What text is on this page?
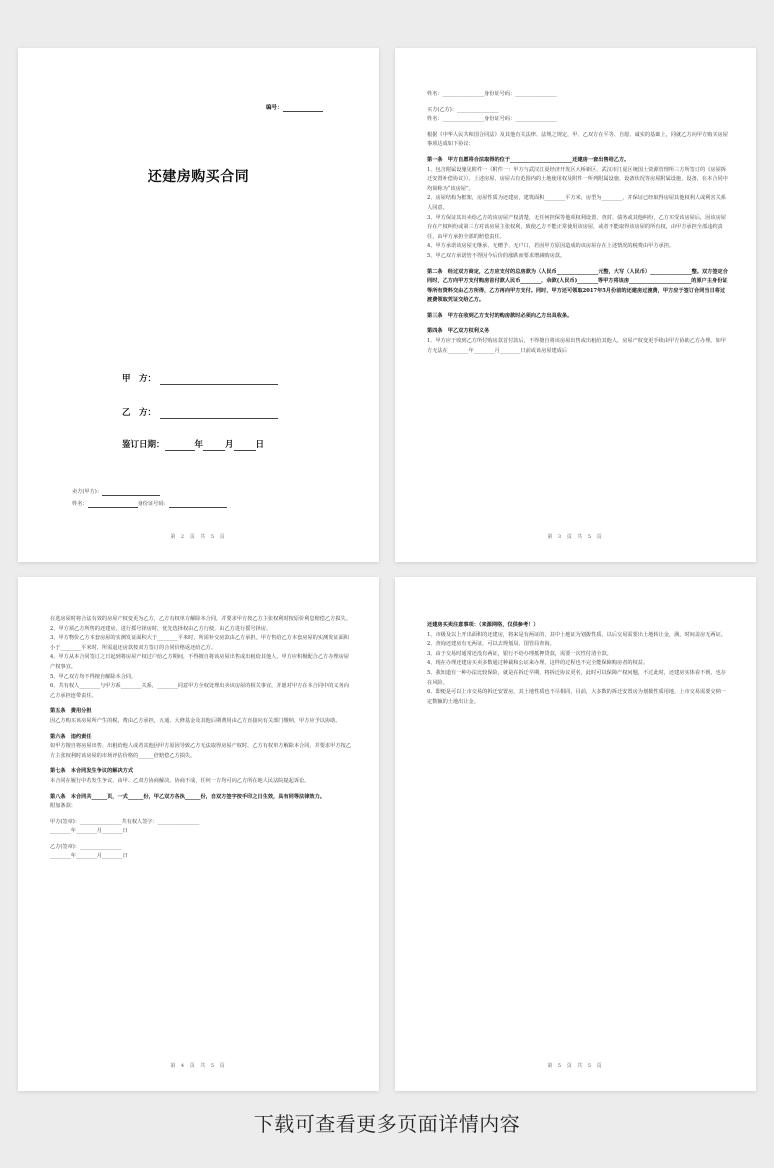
编号：
还建房购买合同
甲　方：
乙　方：
鉴订日期：	年	月	日
卖方(甲方)：
姓名：	身份证号码：
第 2 页 共 5 页

姓名：________________身份证号码：________________

买方(乙方)：________________

姓名：________________身份证号码：________________

根据《中华人民共和国合同法》及其他有关法律、法规之规定，甲、乙双方在平等、自愿、诚实的基础上，同就乙方向甲方购买房屋事项达成如下协议：

第一条　甲方自愿将合法取得的位于________________________还建房一套出售给乙方。

1、包含附属设施见附件一（附件一：甲方与武汉江夏经济开发区大桥新区、武汉市江夏区统国土资源管理所三方所签订的《房屋拆迁安置补偿协议》）。上述房屋、房屋占有范围内的土地使用权及附件一所列附属设施、设备状况等房屋附属设施、设备，在本合同中均简称为“该房屋”。

2、房屋结构为框架，房屋性质为还建房，建筑面积________平方米，房型为________，并保证已经取得房屋其他权利人或利害关系人同意。

3、甲方保证其出卖给乙方的该房屋产权清楚，无任何担保等他项权利设置、查封、债务或其他纠纷，乙方买受该房屋后，因该房屋存在产权纠纷或第三方对该房屋主张权利，致使乙方不能正常使用该房屋，或者不能取得该房屋的所有权，由甲方承担全部违约责任，由甲方承担全部的赔偿责任。

4、甲方承诺该房屋无继承、无赠予、无户口，若因甲方原因造成的该房屋存在上述情况的税费由甲方承担。

5、甲乙双方承诺皆不得因今后价的涨跌而要求增减购房款。

第二条　经过双方商定，乙方应支付的总房款为（人民币________________元整，大写（人民币）________________整。双方签定合同时，乙方向甲方支付购房首付款人民币________，余款(人民币)________等甲方将该房________________________的原户主身份证等所有资料交由乙方所得，乙方再向甲方支付。同时，甲方还可领取2017年5月份前的还建房过渡费，甲方应于签订合同当日将过渡费领取凭证交给乙方。

第三条　甲方在收到乙方支付的购房款时必须向乙方出具收条。

第四条　甲乙双方权利义务

1、甲方应于收到乙方所付购房款首付款后，不得擅自将该房屋出售或出租给其他人，房屋产权变更手续由甲方协助乙方办理。如甲方无法在________年________月________日前或该房屋建成后

第 3 页 共 5 页

在选房屋时将合法有效的房屋产权变更为乙方，乙方有权单方解除本合同，并要求甲方按乙方主张权利时按原价利息赔偿乙方损失。

2、甲方须乙方所售的还建房，进行摇号择房时，优先选择权由乙方行使，由乙方进行摇号择房。

3、甲方物价乙方本套房屋的实测发证面积大于________平米时，所需补交房款由乙方承担。甲方售给乙方本套房屋的实测发证面积小于________平米时，所需退还房款按双方签订的合同价格返还给乙方。

4、甲方从本合同签订之日起到将房屋产权过户给乙方期间，不得擅自将该房屋出售或出租给其他人，甲方应积极配合乙方办理房屋产权事宜。

5、甲乙双方均不得擅自解除本合同。

6、共有权人________与甲方系________关系，________同意甲方全权处理出卖该房屋的相关事宜，并愿对甲方在本合同中的义务向乙方承担连带责任。

第五条　费用分担

因乙方购买该房屋所产生的税、费由乙方承担，五通、大修基金及其他后期费用由乙方直接向有关部门缴纳，甲方应予以协助。

第六条　违约责任

如甲方擅自将房屋出售、出租给他人或者其他因甲方原因导致乙方无法取得房屋产权时，乙方有权单方解除本合同，并要求甲方按乙方主张权利时该房屋的市场评估价格的______倍赔偿乙方损失。

第七条　本合同发生争议的解决方式

本合同在履行中若发生争议，由甲、乙双方协商解决。协商不成，任何一方均可向乙方所在地人民法院提起诉讼。

第八条　本合同共______页，一式______份，甲乙双方各执______份，自双方签字按手印之日生效，具有同等法律效力。

附加条款：

甲方(签章)：________________共有权人签字：________________

________年________月________日

乙方(签章)：________________

________年________月________日

第 4 页 共 5 页

还建房买卖注意事项：（来源网络，仅供参考！）

1、市级及以上开出面积的还建房，将来是有两证的，其中土地证为划拨性质，以后交易需要出土地转让金，满，时间盖房无两证。

2、查询还建房有无两证，可以去规划局、国管局查询。

3、由于交易时通常还没有两证，银行不给办理抵押贷款，需要一次性付清全款。

4、现在办理还建房买卖多数通过种裁和公证来办理，这样的过程也不完全能保障购房者的权益。

5、我知道有一种办法比较保险，就是在拆迁早期，将拆迁协议更名，此时可以保障产权问题，不过此时，还建房实体看不到，也存在风险。

6、即便是可以上市交易的拆迁安置房，其土地性质也不尽相同，目前，大多数的拆迁安置房为划拨性质用地，上市交易需要交纳一定数额的土地出让金。

第 5 页 共 5 页
下载可查看更多页面详情内容
